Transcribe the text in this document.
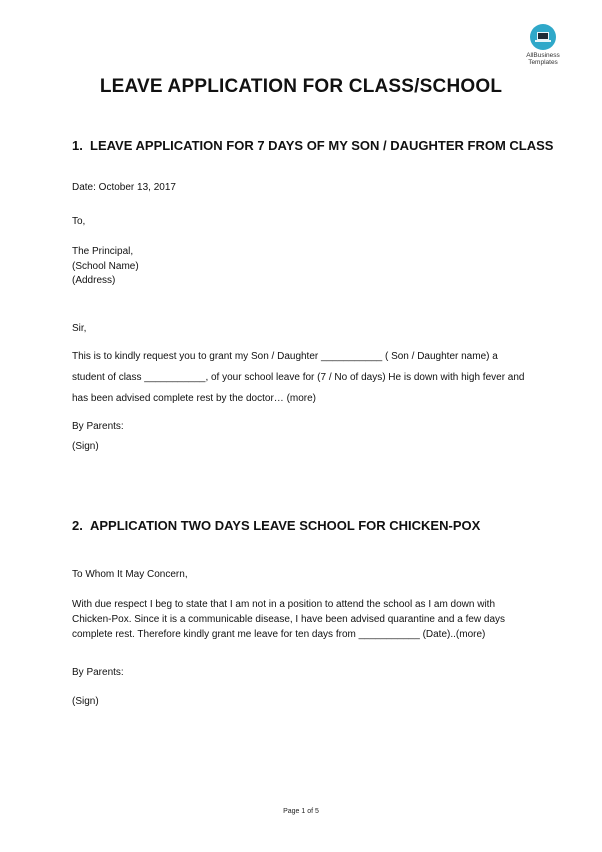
AllBusiness
Templates
LEAVE APPLICATION FOR CLASS/SCHOOL
1. LEAVE APPLICATION FOR 7 DAYS OF MY SON / DAUGHTER FROM CLASS
Date: October 13, 2017
To,
The Principal,
(School Name)
(Address)
Sir,
This is to kindly request you to grant my Son / Daughter ___________ ( Son / Daughter name) a student of class ___________, of your school leave for (7 / No of days) He is down with high fever and has been advised complete rest by the doctor… (more)
By Parents:
(Sign)
2. APPLICATION TWO DAYS LEAVE SCHOOL FOR CHICKEN-POX
To Whom It May Concern,
With due respect I beg to state that I am not in a position to attend the school as I am down with Chicken-Pox. Since it is a communicable disease, I have been advised quarantine and a few days complete rest. Therefore kindly grant me leave for ten days from ___________ (Date)..(more)
By Parents:
(Sign)
Page 1 of 5
